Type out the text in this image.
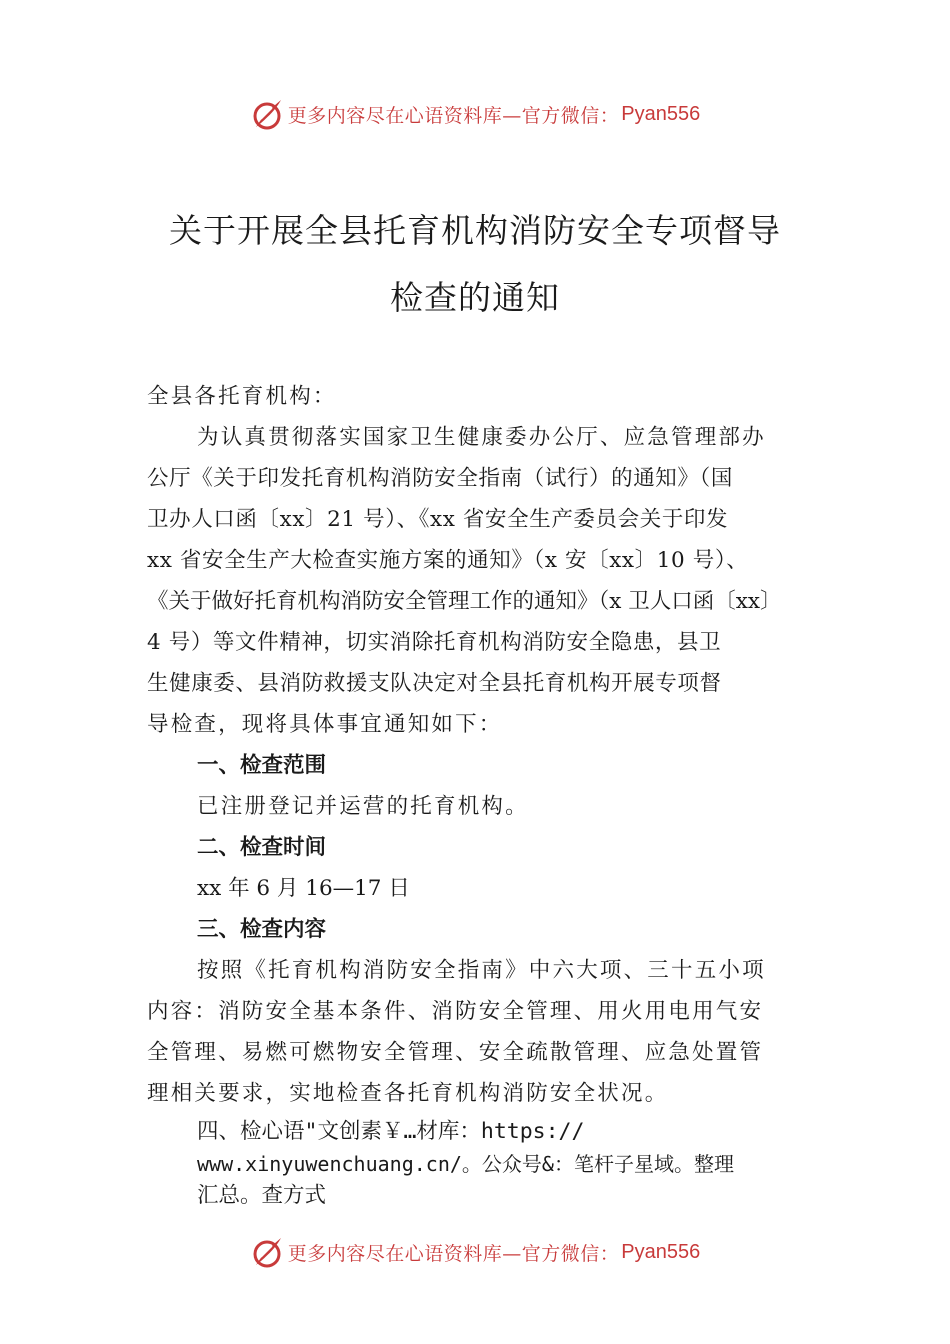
更多内容尽在心语资料库—官方微信： Pyan556
关于开展全县托育机构消防安全专项督导
检查的通知
全县各托育机构：
为认真贯彻落实国家卫生健康委办公厅、应急管理部办
公厅《关于印发托育机构消防安全指南（试行）的通知》（国
卫办人口函〔xx〕21 号）、《xx 省安全生产委员会关于印发
xx 省安全生产大检查实施方案的通知》（x 安〔xx〕10 号）、
《关于做好托育机构消防安全管理工作的通知》（x 卫人口函〔xx〕
4 号）等文件精神，切实消除托育机构消防安全隐患，县卫
生健康委、县消防救援支队决定对全县托育机构开展专项督
导检查，现将具体事宜通知如下：
一、检查范围
已注册登记并运营的托育机构。
二、检查时间
xx 年 6 月 16—17 日
三、检查内容
按照《托育机构消防安全指南》中六大项、三十五小项
内容：消防安全基本条件、消防安全管理、用火用电用气安
全管理、易燃可燃物安全管理、安全疏散管理、应急处置管
理相关要求，实地检查各托育机构消防安全状况。
四、检心语"文创素￥…材库：https://
www.xinyuwenchuang.cn/。公众号&：笔杆子星域。整理
汇总。查方式
更多内容尽在心语资料库—官方微信： Pyan556
